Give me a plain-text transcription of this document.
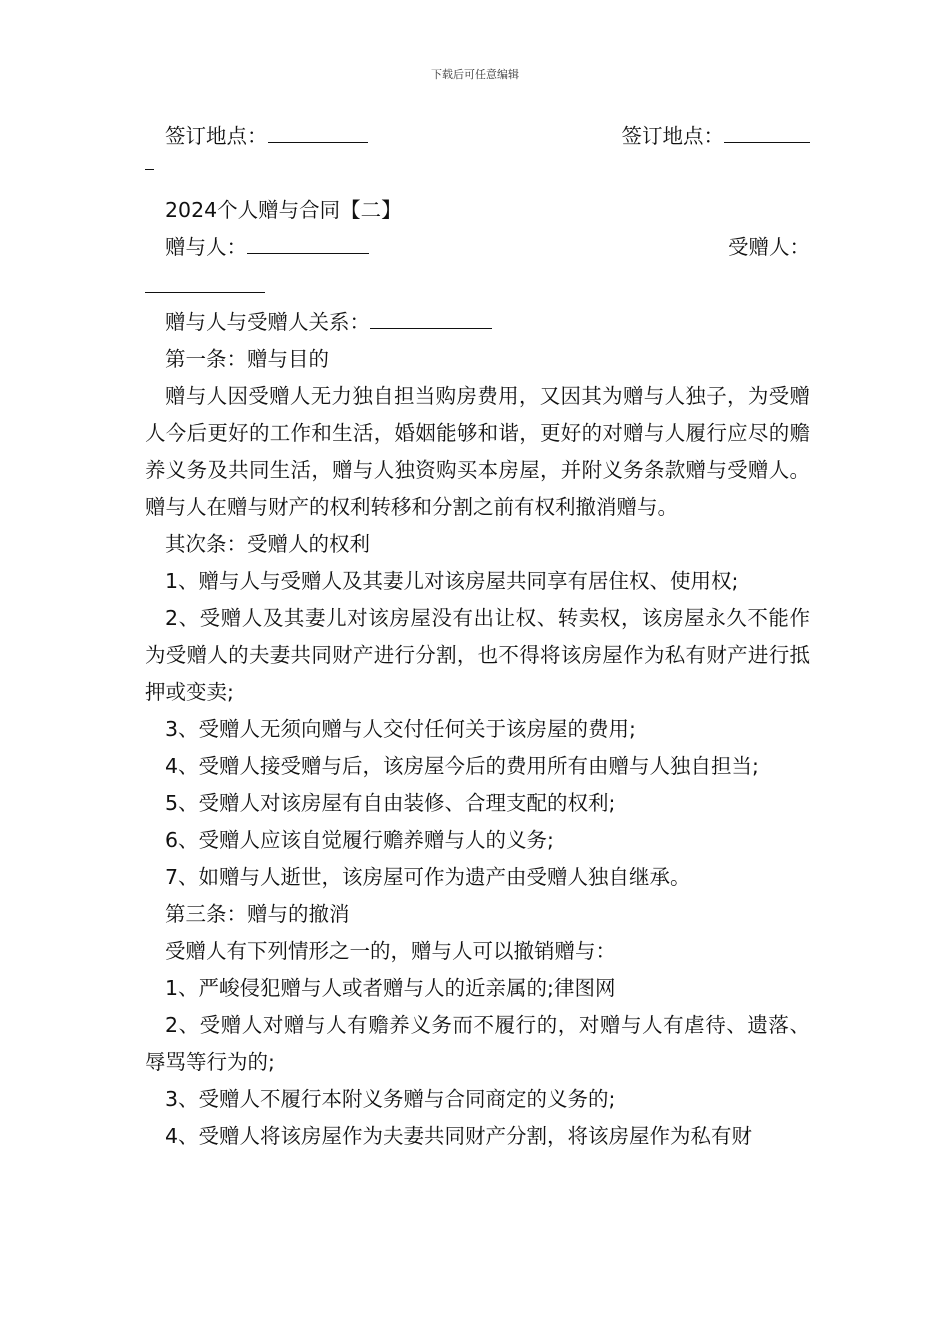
下载后可任意编辑
签订地点：	签订地点：
2024个人赠与合同【二】
赠与人：	受赠人：
赠与人与受赠人关系：
第一条：赠与目的
赠与人因受赠人无力独自担当购房费用，又因其为赠与人独子，为受赠人今后更好的工作和生活，婚姻能够和谐，更好的对赠与人履行应尽的赡养义务及共同生活，赠与人独资购买本房屋，并附义务条款赠与受赠人。赠与人在赠与财产的权利转移和分割之前有权利撤消赠与。
其次条：受赠人的权利
1、赠与人与受赠人及其妻儿对该房屋共同享有居住权、使用权;
2、受赠人及其妻儿对该房屋没有出让权、转卖权，该房屋永久不能作为受赠人的夫妻共同财产进行分割，也不得将该房屋作为私有财产进行抵押或变卖;
3、受赠人无须向赠与人交付任何关于该房屋的费用;
4、受赠人接受赠与后，该房屋今后的费用所有由赠与人独自担当;
5、受赠人对该房屋有自由装修、合理支配的权利;
6、受赠人应该自觉履行赡养赠与人的义务;
7、如赠与人逝世，该房屋可作为遗产由受赠人独自继承。
第三条：赠与的撤消
受赠人有下列情形之一的，赠与人可以撤销赠与：
1、严峻侵犯赠与人或者赠与人的近亲属的;律图网
2、受赠人对赠与人有赡养义务而不履行的，对赠与人有虐待、遗落、辱骂等行为的;
3、受赠人不履行本附义务赠与合同商定的义务的;
4、受赠人将该房屋作为夫妻共同财产分割，将该房屋作为私有财
